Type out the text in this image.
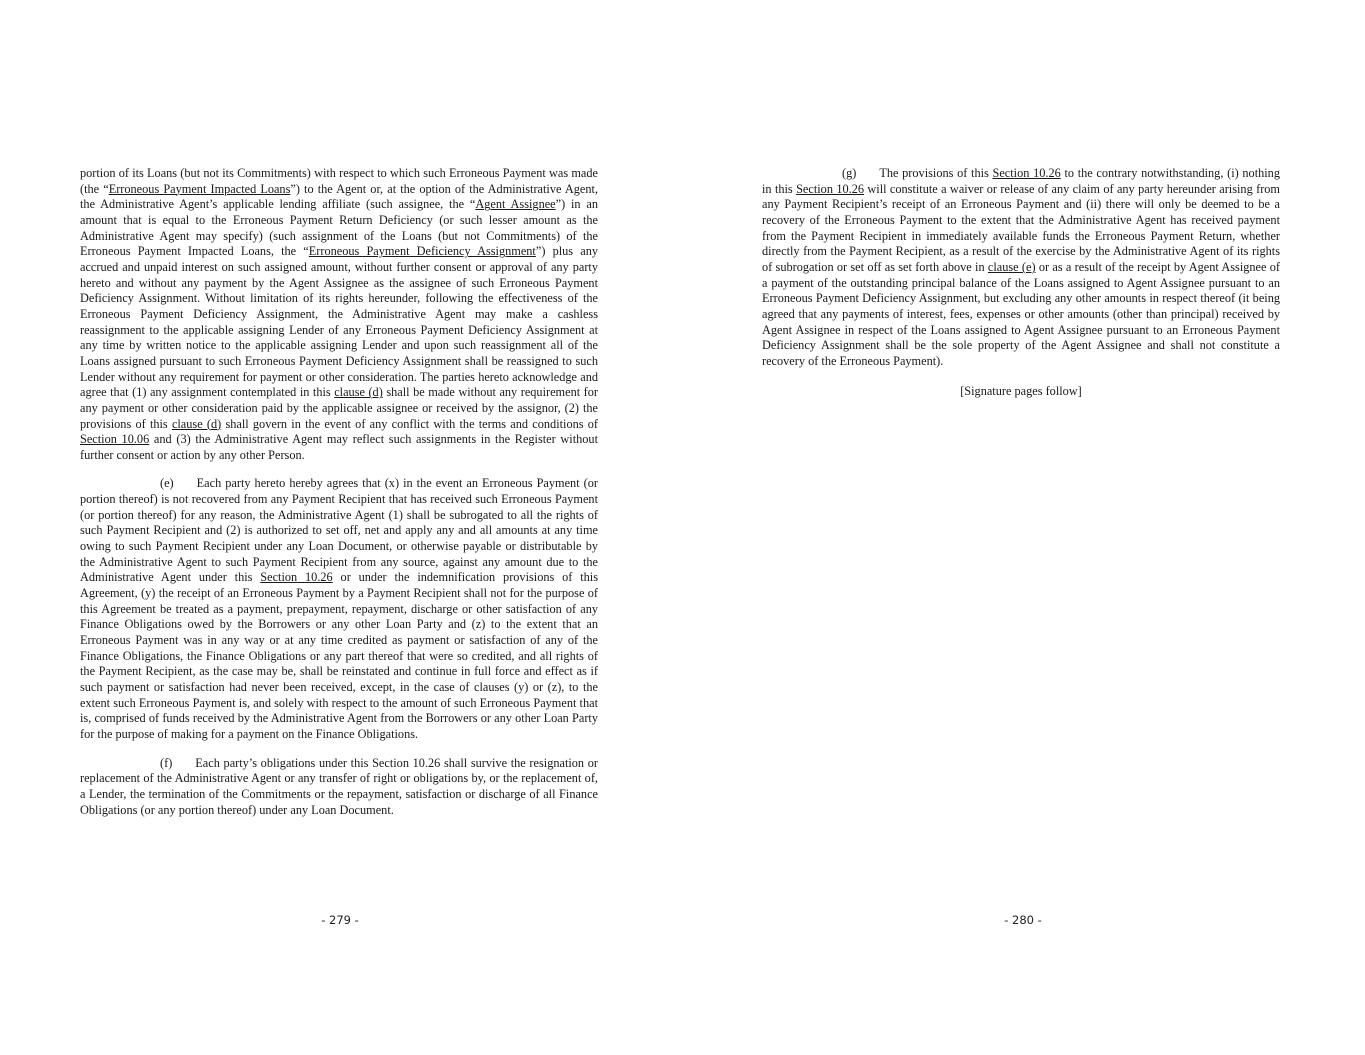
portion of its Loans (but not its Commitments) with respect to which such Erroneous Payment was made (the “Erroneous Payment Impacted Loans”) to the Agent or, at the option of the Administrative Agent, the Administrative Agent’s applicable lending affiliate (such assignee, the “Agent Assignee”) in an amount that is equal to the Erroneous Payment Return Deficiency (or such lesser amount as the Administrative Agent may specify) (such assignment of the Loans (but not Commitments) of the Erroneous Payment Impacted Loans, the “Erroneous Payment Deficiency Assignment”) plus any accrued and unpaid interest on such assigned amount, without further consent or approval of any party hereto and without any payment by the Agent Assignee as the assignee of such Erroneous Payment Deficiency Assignment. Without limitation of its rights hereunder, following the effectiveness of the Erroneous Payment Deficiency Assignment, the Administrative Agent may make a cashless reassignment to the applicable assigning Lender of any Erroneous Payment Deficiency Assignment at any time by written notice to the applicable assigning Lender and upon such reassignment all of the Loans assigned pursuant to such Erroneous Payment Deficiency Assignment shall be reassigned to such Lender without any requirement for payment or other consideration. The parties hereto acknowledge and agree that (1) any assignment contemplated in this clause (d) shall be made without any requirement for any payment or other consideration paid by the applicable assignee or received by the assignor, (2) the provisions of this clause (d) shall govern in the event of any conflict with the terms and conditions of Section 10.06 and (3) the Administrative Agent may reflect such assignments in the Register without further consent or action by any other Person.

(e) Each party hereto hereby agrees that (x) in the event an Erroneous Payment (or portion thereof) is not recovered from any Payment Recipient that has received such Erroneous Payment (or portion thereof) for any reason, the Administrative Agent (1) shall be subrogated to all the rights of such Payment Recipient and (2) is authorized to set off, net and apply any and all amounts at any time owing to such Payment Recipient under any Loan Document, or otherwise payable or distributable by the Administrative Agent to such Payment Recipient from any source, against any amount due to the Administrative Agent under this Section 10.26 or under the indemnification provisions of this Agreement, (y) the receipt of an Erroneous Payment by a Payment Recipient shall not for the purpose of this Agreement be treated as a payment, prepayment, repayment, discharge or other satisfaction of any Finance Obligations owed by the Borrowers or any other Loan Party and (z) to the extent that an Erroneous Payment was in any way or at any time credited as payment or satisfaction of any of the Finance Obligations, the Finance Obligations or any part thereof that were so credited, and all rights of the Payment Recipient, as the case may be, shall be reinstated and continue in full force and effect as if such payment or satisfaction had never been received, except, in the case of clauses (y) or (z), to the extent such Erroneous Payment is, and solely with respect to the amount of such Erroneous Payment that is, comprised of funds received by the Administrative Agent from the Borrowers or any other Loan Party for the purpose of making for a payment on the Finance Obligations.

(f) Each party’s obligations under this Section 10.26 shall survive the resignation or replacement of the Administrative Agent or any transfer of right or obligations by, or the replacement of, a Lender, the termination of the Commitments or the repayment, satisfaction or discharge of all Finance Obligations (or any portion thereof) under any Loan Document.

- 279 -

(g) The provisions of this Section 10.26 to the contrary notwithstanding, (i) nothing in this Section 10.26 will constitute a waiver or release of any claim of any party hereunder arising from any Payment Recipient’s receipt of an Erroneous Payment and (ii) there will only be deemed to be a recovery of the Erroneous Payment to the extent that the Administrative Agent has received payment from the Payment Recipient in immediately available funds the Erroneous Payment Return, whether directly from the Payment Recipient, as a result of the exercise by the Administrative Agent of its rights of subrogation or set off as set forth above in clause (e) or as a result of the receipt by Agent Assignee of a payment of the outstanding principal balance of the Loans assigned to Agent Assignee pursuant to an Erroneous Payment Deficiency Assignment, but excluding any other amounts in respect thereof (it being agreed that any payments of interest, fees, expenses or other amounts (other than principal) received by Agent Assignee in respect of the Loans assigned to Agent Assignee pursuant to an Erroneous Payment Deficiency Assignment shall be the sole property of the Agent Assignee and shall not constitute a recovery of the Erroneous Payment).

[Signature pages follow]

- 280 -
